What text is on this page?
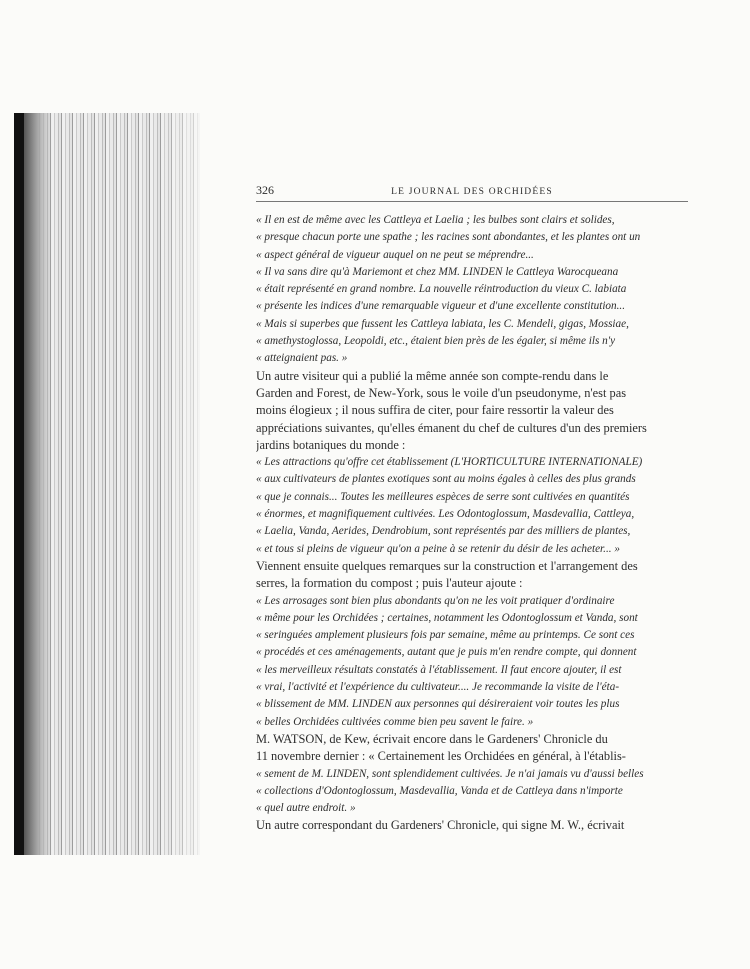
326	LE JOURNAL DES ORCHIDÉES
« Il en est de même avec les Cattleya et Laelia ; les bulbes sont clairs et solides,
« presque chacun porte une spathe ; les racines sont abondantes, et les plantes ont un
« aspect général de vigueur auquel on ne peut se méprendre...
« Il va sans dire qu'à Mariemont et chez MM. LINDEN le Cattleya Warocqueana
« était représenté en grand nombre. La nouvelle réintroduction du vieux C. labiata
« présente les indices d'une remarquable vigueur et d'une excellente constitution...
« Mais si superbes que fussent les Cattleya labiata, les C. Mendeli, gigas, Mossiae,
« amethystoglossa, Leopoldi, etc., étaient bien près de les égaler, si même ils n'y
« atteignaient pas. »
Un autre visiteur qui a publié la même année son compte-rendu dans le
Garden and Forest, de New-York, sous le voile d'un pseudonyme, n'est pas
moins élogieux ; il nous suffira de citer, pour faire ressortir la valeur des
appréciations suivantes, qu'elles émanent du chef de cultures d'un des premiers
jardins botaniques du monde :
« Les attractions qu'offre cet établissement (L'HORTICULTURE INTERNATIONALE)
« aux cultivateurs de plantes exotiques sont au moins égales à celles des plus grands
« que je connais... Toutes les meilleures espèces de serre sont cultivées en quantités
« énormes, et magnifiquement cultivées. Les Odontoglossum, Masdevallia, Cattleya,
« Laelia, Vanda, Aerides, Dendrobium, sont représentés par des milliers de plantes,
« et tous si pleins de vigueur qu'on a peine à se retenir du désir de les acheter... »
Viennent ensuite quelques remarques sur la construction et l'arrangement des
serres, la formation du compost ; puis l'auteur ajoute :
« Les arrosages sont bien plus abondants qu'on ne les voit pratiquer d'ordinaire
« même pour les Orchidées ; certaines, notamment les Odontoglossum et Vanda, sont
« seringuées amplement plusieurs fois par semaine, même au printemps. Ce sont ces
« procédés et ces aménagements, autant que je puis m'en rendre compte, qui donnent
« les merveilleux résultats constatés à l'établissement. Il faut encore ajouter, il est
« vrai, l'activité et l'expérience du cultivateur.... Je recommande la visite de l'éta-
« blissement de MM. LINDEN aux personnes qui désireraient voir toutes les plus
« belles Orchidées cultivées comme bien peu savent le faire. »
M. WATSON, de Kew, écrivait encore dans le Gardeners' Chronicle du
11 novembre dernier : « Certainement les Orchidées en général, à l'établis-
« sement de M. LINDEN, sont splendidement cultivées. Je n'ai jamais vu d'aussi belles
« collections d'Odontoglossum, Masdevallia, Vanda et de Cattleya dans n'importe
« quel autre endroit. »
Un autre correspondant du Gardeners' Chronicle, qui signe M. W., écrivait
